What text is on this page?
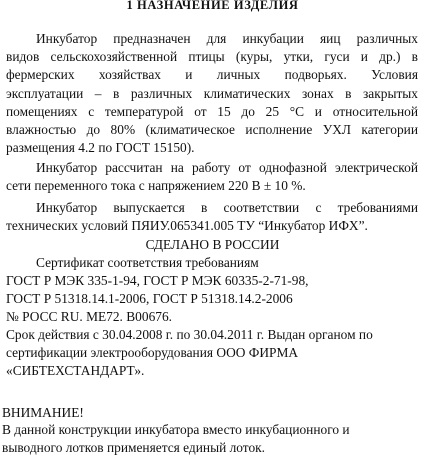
1 НАЗНАЧЕНИЕ ИЗДЕЛИЯ
Инкубатор предназначен для инкубации яиц различных
видов сельскохозяйственной птицы (куры, утки, гуси и др.) в
фермерских хозяйствах и личных подворьях. Условия
эксплуатации – в различных климатических зонах в закрытых
помещениях с температурой от 15 до 25 °С и относительной
влажностью до 80% (климатическое исполнение УХЛ категории
размещения 4.2 по ГОСТ 15150).
Инкубатор рассчитан на работу от однофазной электрической
сети переменного тока с напряжением 220 В ± 10 %.
Инкубатор выпускается в соответствии с требованиями
технических условий ПЯИУ.065341.005 ТУ “Инкубатор ИФХ”.
СДЕЛАНО В РОССИИ
Сертификат соответствия требованиям
ГОСТ Р МЭК 335-1-94, ГОСТ Р МЭК 60335-2-71-98,
ГОСТ Р 51318.14.1-2006, ГОСТ Р 51318.14.2-2006
№ РОСС RU. МЕ72. В00676.
Срок действия с 30.04.2008 г. по 30.04.2011 г. Выдан органом по
сертификации электрооборудования ООО ФИРМА
«СИБТЕХСТАНДАРТ».
ВНИМАНИЕ!
В данной конструкции инкубатора вместо инкубационного и
выводного лотков применяется единый лоток.
